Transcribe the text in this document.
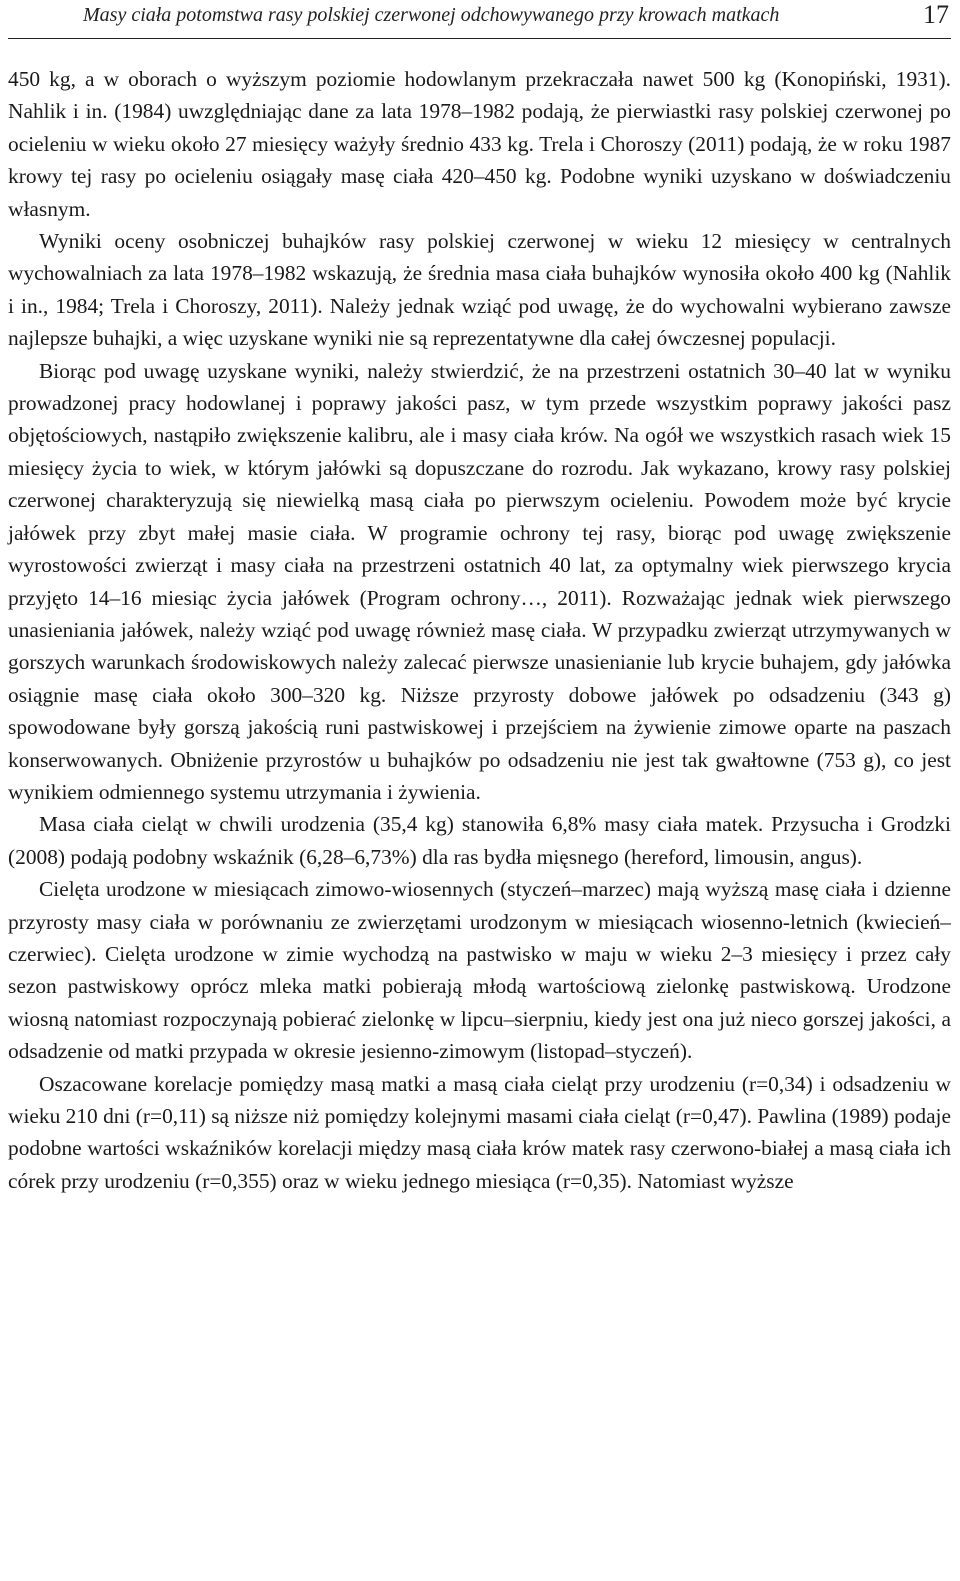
Masy ciała potomstwa rasy polskiej czerwonej odchowywanego przy krowach matkach	17

450 kg, a w oborach o wyższym poziomie hodowlanym przekraczała nawet 500 kg (Konopiński, 1931). Nahlik i in. (1984) uwzględniając dane za lata 1978–1982 podają, że pierwiastki rasy polskiej czerwonej po ocieleniu w wieku około 27 miesięcy ważyły średnio 433 kg. Trela i Choroszy (2011) podają, że w roku 1987 krowy tej rasy po ocieleniu osiągały masę ciała 420–450 kg. Podobne wyniki uzyskano w doświadczeniu własnym.

Wyniki oceny osobniczej buhajków rasy polskiej czerwonej w wieku 12 miesięcy w centralnych wychowalniach za lata 1978–1982 wskazują, że średnia masa ciała buhajków wynosiła około 400 kg (Nahlik i in., 1984; Trela i Choroszy, 2011). Należy jednak wziąć pod uwagę, że do wychowalni wybierano zawsze najlepsze buhajki, a więc uzyskane wyniki nie są reprezentatywne dla całej ówczesnej populacji.

Biorąc pod uwagę uzyskane wyniki, należy stwierdzić, że na przestrzeni ostatnich 30–40 lat w wyniku prowadzonej pracy hodowlanej i poprawy jakości pasz, w tym przede wszystkim poprawy jakości pasz objętościowych, nastąpiło zwiększenie kalibru, ale i masy ciała krów. Na ogół we wszystkich rasach wiek 15 miesięcy życia to wiek, w którym jałówki są dopuszczane do rozrodu. Jak wykazano, krowy rasy polskiej czerwonej charakteryzują się niewielką masą ciała po pierwszym ocieleniu. Powodem może być krycie jałówek przy zbyt małej masie ciała. W programie ochrony tej rasy, biorąc pod uwagę zwiększenie wyrostowości zwierząt i masy ciała na przestrzeni ostatnich 40 lat, za optymalny wiek pierwszego krycia przyjęto 14–16 miesiąc życia jałówek (Program ochrony…, 2011). Rozważając jednak wiek pierwszego unasieniania jałówek, należy wziąć pod uwagę również masę ciała. W przypadku zwierząt utrzymywanych w gorszych warunkach środowiskowych należy zalecać pierwsze unasienianie lub krycie buhajem, gdy jałówka osiągnie masę ciała około 300–320 kg. Niższe przyrosty dobowe jałówek po odsadzeniu (343 g) spowodowane były gorszą jakością runi pastwiskowej i przejściem na żywienie zimowe oparte na paszach konserwowanych. Obniżenie przyrostów u buhajków po odsadzeniu nie jest tak gwałtowne (753 g), co jest wynikiem odmiennego systemu utrzymania i żywienia.

Masa ciała cieląt w chwili urodzenia (35,4 kg) stanowiła 6,8% masy ciała matek. Przysucha i Grodzki (2008) podają podobny wskaźnik (6,28–6,73%) dla ras bydła mięsnego (hereford, limousin, angus).

Cielęta urodzone w miesiącach zimowo-wiosennych (styczeń–marzec) mają wyższą masę ciała i dzienne przyrosty masy ciała w porównaniu ze zwierzętami urodzonym w miesiącach wiosenno-letnich (kwiecień–czerwiec). Cielęta urodzone w zimie wychodzą na pastwisko w maju w wieku 2–3 miesięcy i przez cały sezon pastwiskowy oprócz mleka matki pobierają młodą wartościową zielonkę pastwiskową. Urodzone wiosną natomiast rozpoczynają pobierać zielonkę w lipcu–sierpniu, kiedy jest ona już nieco gorszej jakości, a odsadzenie od matki przypada w okresie jesienno-zimowym (listopad–styczeń).

Oszacowane korelacje pomiędzy masą matki a masą ciała cieląt przy urodzeniu (r=0,34) i odsadzeniu w wieku 210 dni (r=0,11) są niższe niż pomiędzy kolejnymi masami ciała cieląt (r=0,47). Pawlina (1989) podaje podobne wartości wskaźników korelacji między masą ciała krów matek rasy czerwono-białej a masą ciała ich córek przy urodzeniu (r=0,355) oraz w wieku jednego miesiąca (r=0,35). Natomiast wyższe
